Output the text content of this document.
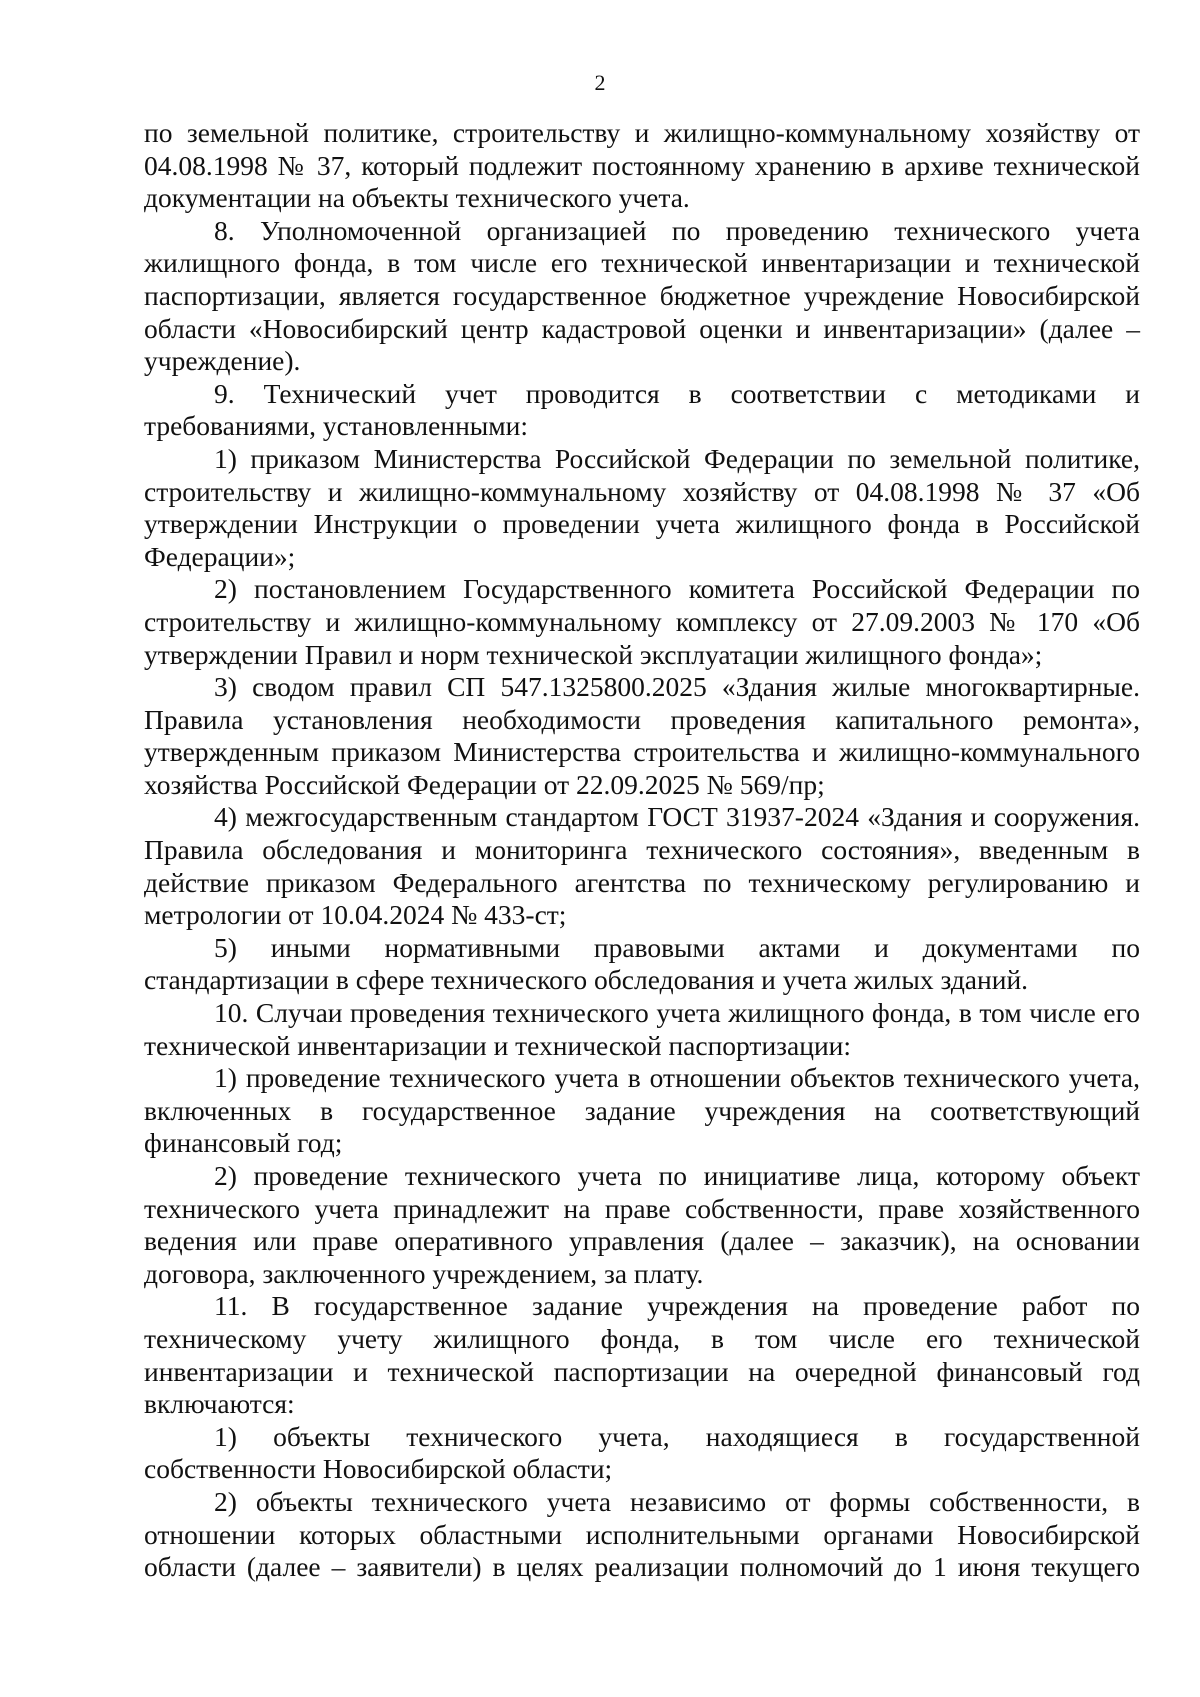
2

по земельной политике, строительству и жилищно-коммунальному хозяйству от 04.08.1998 № 37, который подлежит постоянному хранению в архиве технической документации на объекты технического учета.

8. Уполномоченной организацией по проведению технического учета жилищного фонда, в том числе его технической инвентаризации и технической паспортизации, является государственное бюджетное учреждение Новосибирской области «Новосибирский центр кадастровой оценки и инвентаризации» (далее – учреждение).

9. Технический учет проводится в соответствии с методиками и требованиями, установленными:

1) приказом Министерства Российской Федерации по земельной политике, строительству и жилищно-коммунальному хозяйству от 04.08.1998 № 37 «Об утверждении Инструкции о проведении учета жилищного фонда в Российской Федерации»;

2) постановлением Государственного комитета Российской Федерации по строительству и жилищно-коммунальному комплексу от 27.09.2003 № 170 «Об утверждении Правил и норм технической эксплуатации жилищного фонда»;

3) сводом правил СП 547.1325800.2025 «Здания жилые многоквартирные. Правила установления необходимости проведения капитального ремонта», утвержденным приказом Министерства строительства и жилищно-коммунального хозяйства Российской Федерации от 22.09.2025 № 569/пр;

4) межгосударственным стандартом ГОСТ 31937-2024 «Здания и сооружения. Правила обследования и мониторинга технического состояния», введенным в действие приказом Федерального агентства по техническому регулированию и метрологии от 10.04.2024 № 433-ст;

5) иными нормативными правовыми актами и документами по стандартизации в сфере технического обследования и учета жилых зданий.

10. Случаи проведения технического учета жилищного фонда, в том числе его технической инвентаризации и технической паспортизации:

1) проведение технического учета в отношении объектов технического учета, включенных в государственное задание учреждения на соответствующий финансовый год;

2) проведение технического учета по инициативе лица, которому объект технического учета принадлежит на праве собственности, праве хозяйственного ведения или праве оперативного управления (далее – заказчик), на основании договора, заключенного учреждением, за плату.

11. В государственное задание учреждения на проведение работ по техническому учету жилищного фонда, в том числе его технической инвентаризации и технической паспортизации на очередной финансовый год включаются:

1) объекты технического учета, находящиеся в государственной собственности Новосибирской области;

2) объекты технического учета независимо от формы собственности, в отношении которых областными исполнительными органами Новосибирской области (далее – заявители) в целях реализации полномочий до 1 июня текущего
